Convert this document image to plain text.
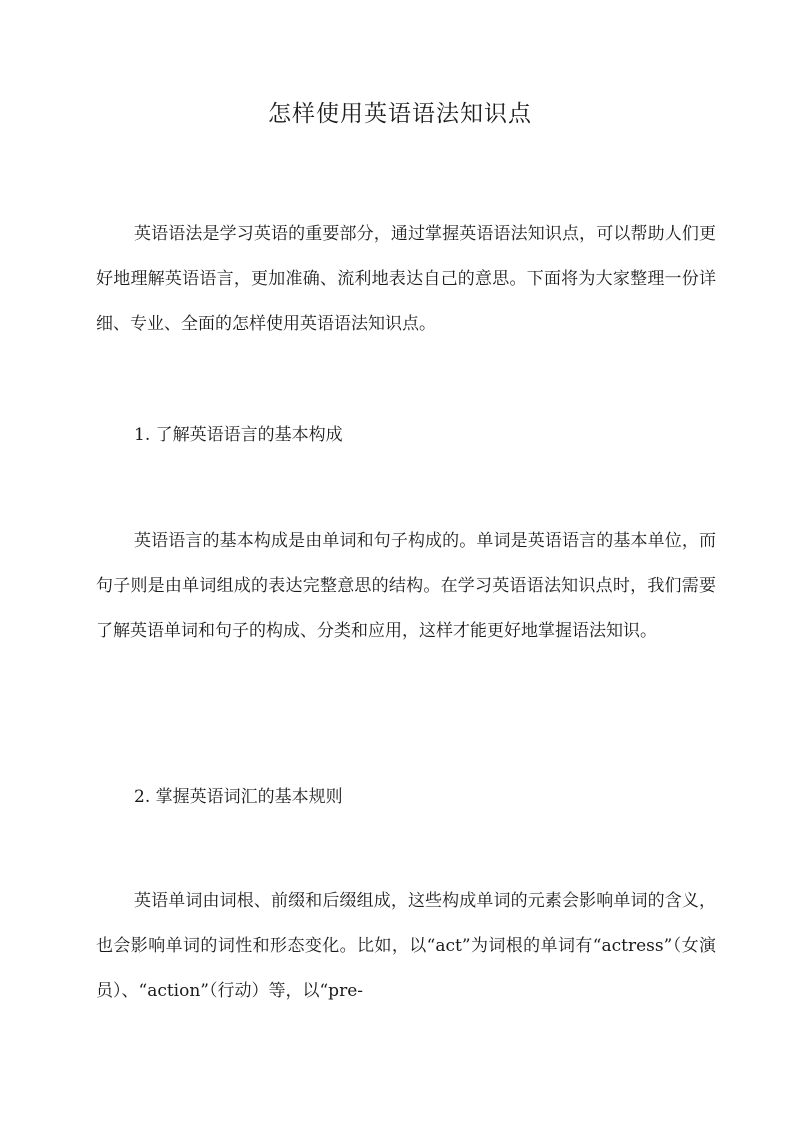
怎样使用英语语法知识点

英语语法是学习英语的重要部分，通过掌握英语语法知识点，可以帮助人们更好地理解英语语言，更加准确、流利地表达自己的意思。下面将为大家整理一份详细、专业、全面的怎样使用英语语法知识点。

1. 了解英语语言的基本构成

英语语言的基本构成是由单词和句子构成的。单词是英语语言的基本单位，而句子则是由单词组成的表达完整意思的结构。在学习英语语法知识点时，我们需要了解英语单词和句子的构成、分类和应用，这样才能更好地掌握语法知识。

2. 掌握英语词汇的基本规则

英语单词由词根、前缀和后缀组成，这些构成单词的元素会影响单词的含义，也会影响单词的词性和形态变化。比如，以“act”为词根的单词有“actress”（女演员）、“action”（行动）等，以“pre-
